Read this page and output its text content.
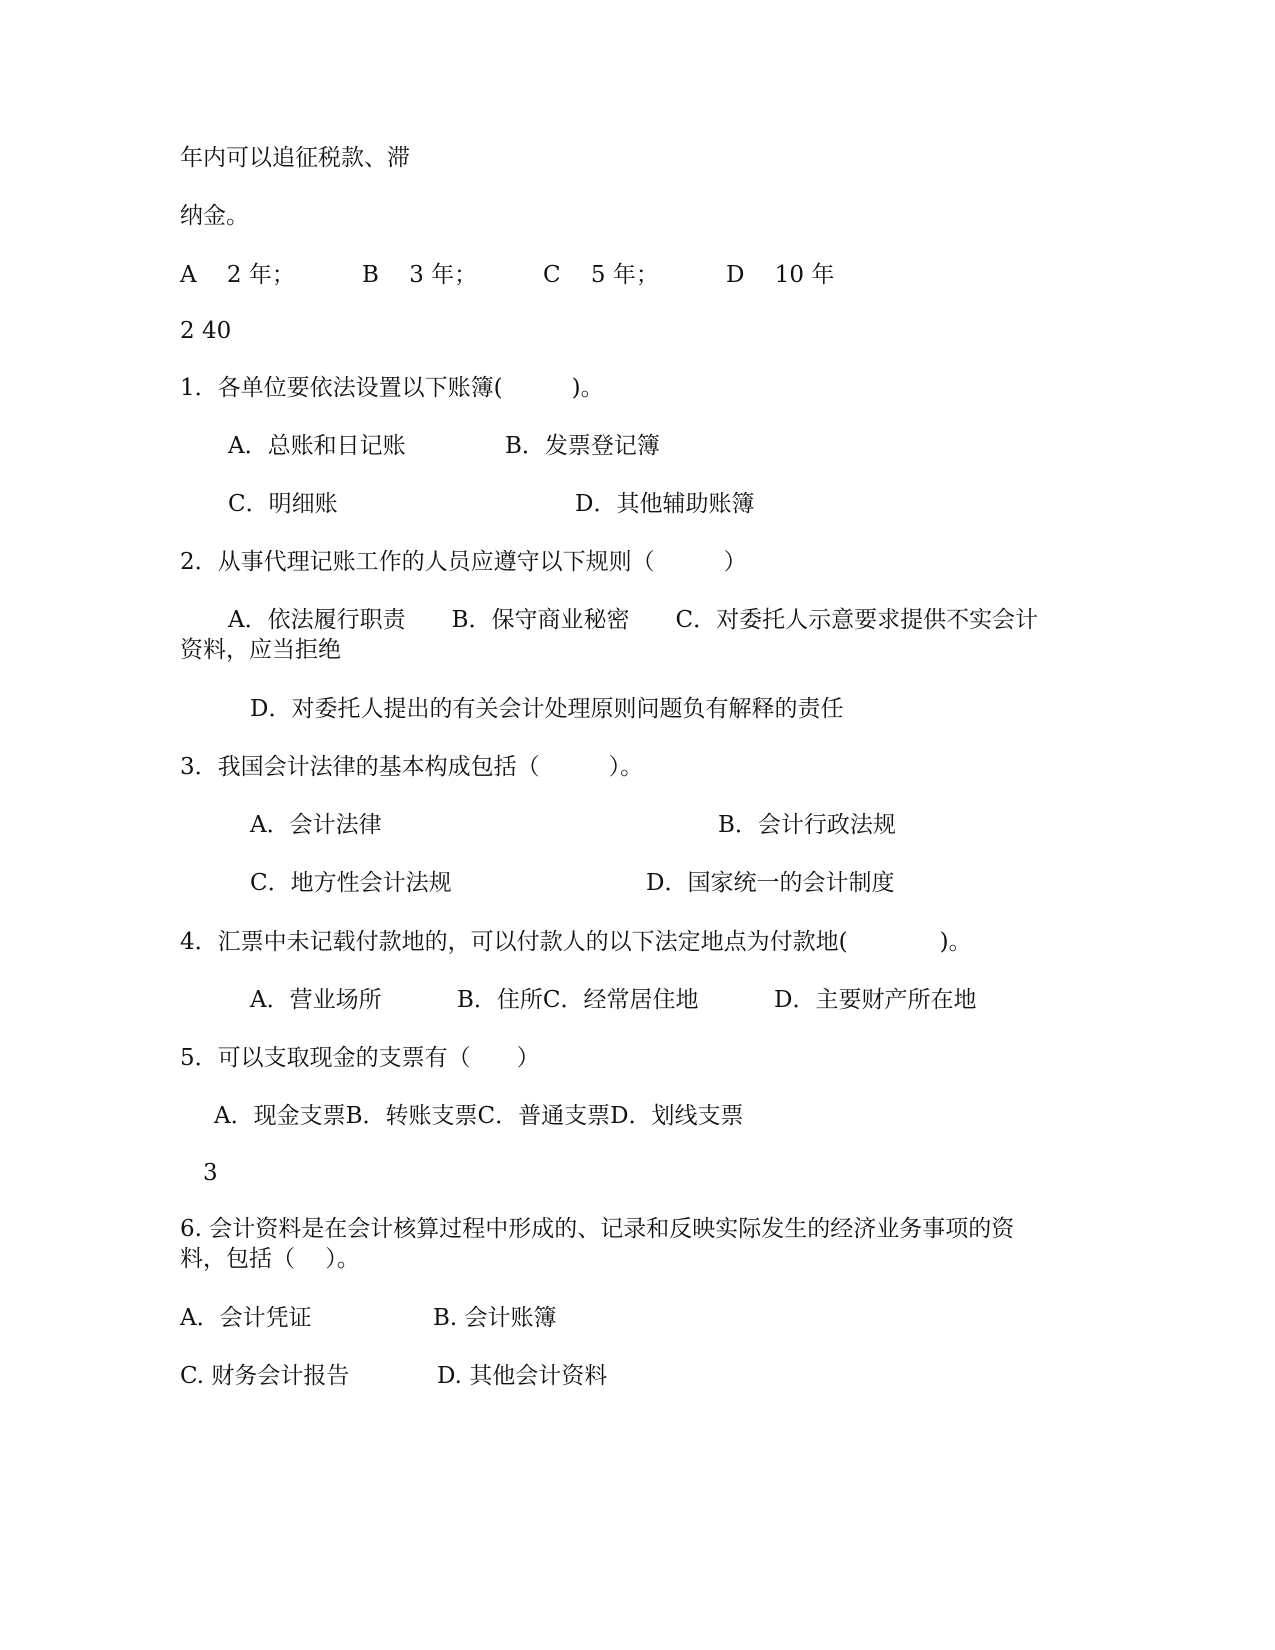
年内可以追征税款、滞
纳金。
A　 2 年；	B　 3 年；	C　 5 年；	D　 10 年
2 40
1．各单位要依法设置以下账簿(　　　)。
A．总账和日记账	B．发票登记簿
C．明细账	D．其他辅助账簿
2．从事代理记账工作的人员应遵守以下规则（　　　）
A．依法履行职责　　B．保守商业秘密　　C．对委托人示意要求提供不实会计资料，应当拒绝
D．对委托人提出的有关会计处理原则问题负有解释的责任
3．我国会计法律的基本构成包括（　　　）。
A．会计法律	B．会计行政法规
C．地方性会计法规	D．国家统一的会计制度
4．汇票中未记载付款地的，可以付款人的以下法定地点为付款地(　　　　)。
A．营业场所	B．住所C．经常居住地	D．主要财产所在地
5．可以支取现金的支票有（　　）
A．现金支票B．转账支票C．普通支票D．划线支票
3
6. 会计资料是在会计核算过程中形成的、记录和反映实际发生的经济业务事项的资料，包括（　 ）。
A．会计凭证	B. 会计账簿
C. 财务会计报告	D. 其他会计资料
